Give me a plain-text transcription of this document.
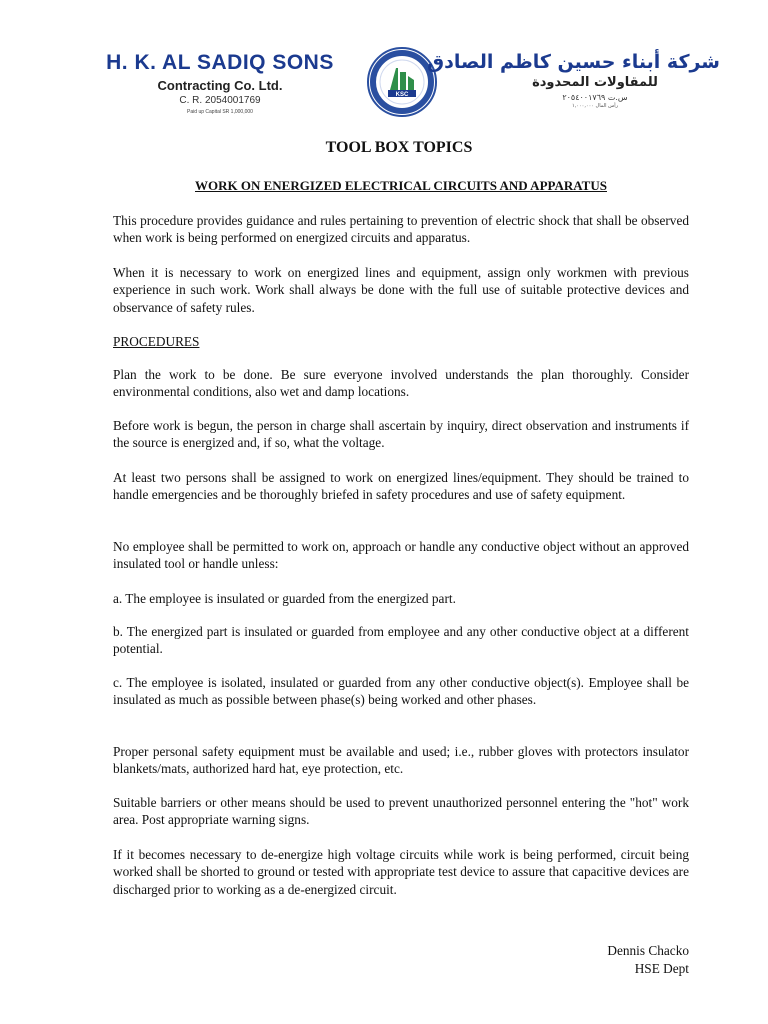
H. K. AL SADIQ SONS
Contracting Co. Ltd.
C. R. 2054001769
Paid up Capital SR 1,000,000
KSC
شركة أبناء حسين كاظم الصادق
للمقاولات المحدودة
س.ت ٢٠٥٤٠٠١٧٦٩
رأس المال ١,٠٠٠,٠٠٠
TOOL BOX TOPICS
WORK ON ENERGIZED ELECTRICAL CIRCUITS AND APPARATUS

This procedure provides guidance and rules pertaining to prevention of electric shock that shall be observed when work is being performed on energized circuits and apparatus.

When it is necessary to work on energized lines and equipment, assign only workmen with previous experience in such work. Work shall always be done with the full use of suitable protective devices and observance of safety rules.

PROCEDURES

Plan the work to be done. Be sure everyone involved understands the plan thoroughly. Consider environmental conditions, also wet and damp locations.

Before work is begun, the person in charge shall ascertain by inquiry, direct observation and instruments if the source is energized and, if so, what the voltage.

At least two persons shall be assigned to work on energized lines/equipment. They should be trained to handle emergencies and be thoroughly briefed in safety procedures and use of safety equipment.

No employee shall be permitted to work on, approach or handle any conductive object without an approved insulated tool or handle unless:

a. The employee is insulated or guarded from the energized part.

b. The energized part is insulated or guarded from employee and any other conductive object at a different potential.

c. The employee is isolated, insulated or guarded from any other conductive object(s). Employee shall be insulated as much as possible between phase(s) being worked and other phases.

Proper personal safety equipment must be available and used; i.e., rubber gloves with protectors insulator blankets/mats, authorized hard hat, eye protection, etc.

Suitable barriers or other means should be used to prevent unauthorized personnel entering the "hot" work area. Post appropriate warning signs.

If it becomes necessary to de-energize high voltage circuits while work is being performed, circuit being worked shall be shorted to ground or tested with appropriate test device to assure that capacitive devices are discharged prior to working as a de-energized circuit.

Dennis Chacko
HSE Dept
